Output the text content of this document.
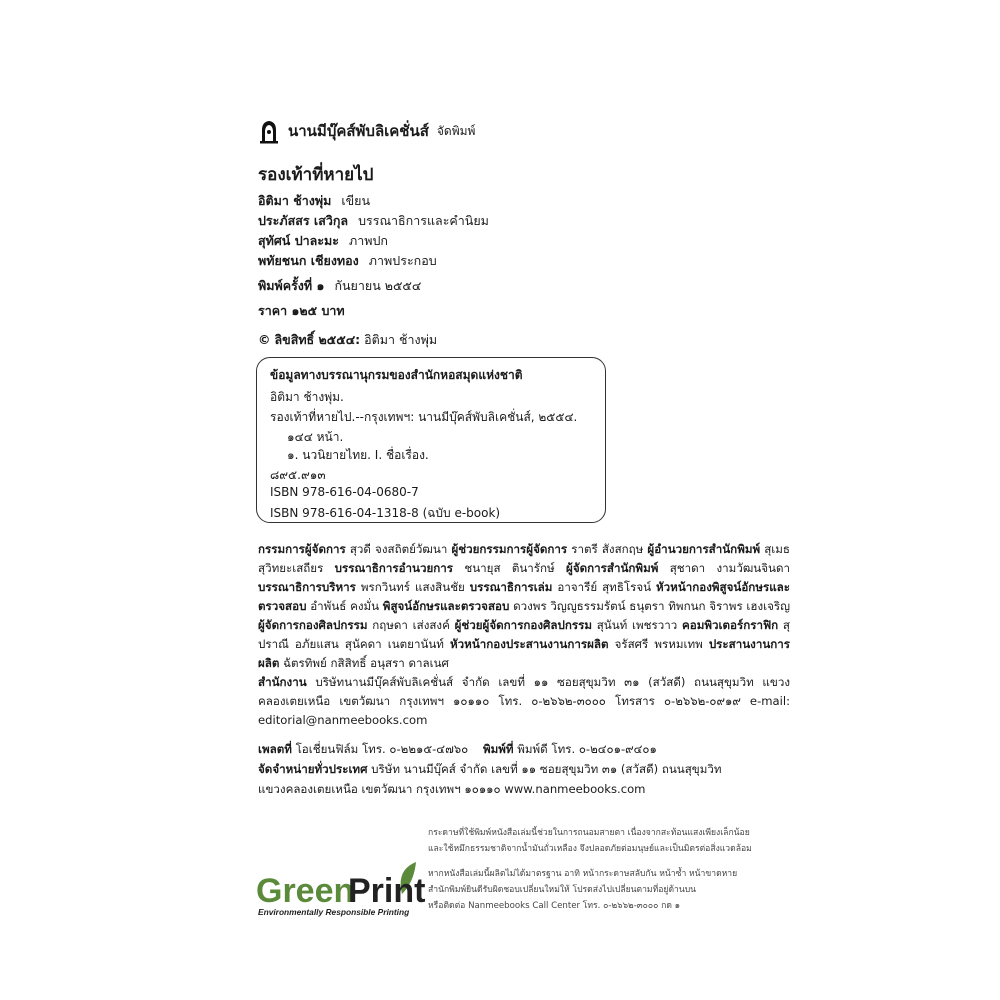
นานมีบุ๊คส์พับลิเคชั่นส์ จัดพิมพ์
รองเท้าที่หายไป
อิติมา ช้างพุ่ม เขียน
ประภัสสร เสวิกุล บรรณาธิการและคำนิยม
สุทัศน์ ปาละมะ ภาพปก
พทัยชนก เชียงทอง ภาพประกอบ
พิมพ์ครั้งที่ ๑ กันยายน ๒๕๕๔
ราคา ๑๒๕ บาท
© ลิขสิทธิ์ ๒๕๕๔: อิติมา ช้างพุ่ม
ข้อมูลทางบรรณานุกรมของสำนักหอสมุดแห่งชาติ
อิติมา ช้างพุ่ม.
รองเท้าที่หายไป.--กรุงเทพฯ: นานมีบุ๊คส์พับลิเคชั่นส์, ๒๕๕๔.
๑๔๔ หน้า.
๑. นวนิยายไทย. I. ชื่อเรื่อง.
๘๙๕.๙๑๓
ISBN 978-616-04-0680-7
ISBN 978-616-04-1318-8 (ฉบับ e-book)

กรรมการผู้จัดการ สุวดี จงสถิตย์วัฒนา ผู้ช่วยกรรมการผู้จัดการ ราตรี สังสกฤษ ผู้อำนวยการสำนักพิมพ์ สุเมธ สุวิทยะเสถียร บรรณาธิการอำนวยการ ชนายุส ตินารักษ์ ผู้จัดการสำนักพิมพ์ สุชาดา งามวัฒนจินดา บรรณาธิการบริหาร พรกวินทร์ แสงสินชัย บรรณาธิการเล่ม อาจารีย์ สุทธิโรจน์ หัวหน้ากองพิสูจน์อักษรและตรวจสอบ อำพันธ์ คงมั่น พิสูจน์อักษรและตรวจสอบ ดวงพร วิญญูธรรมรัตน์ ธนุตรา ทิพกนก จิราพร เฮงเจริญ ผู้จัดการกองศิลปกรรม กฤษดา เส่งสงค์ ผู้ช่วยผู้จัดการกองศิลปกรรม สุนันท์ เพชรวาว คอมพิวเตอร์กราฟิก สุปราณี อภัยแสน สุนัคดา เนตยานันท์ หัวหน้ากองประสานงานการผลิต จรัสศรี พรหมเทพ ประสานงานการผลิต ฉัตรทิพย์ กสิสิทธิ์ อนุสรา ดาลเนศ

สำนักงาน บริษัทนานมีบุ๊คส์พับลิเคชั่นส์ จำกัด เลขที่ ๑๑ ซอยสุขุมวิท ๓๑ (สวัสดี) ถนนสุขุมวิท แขวงคลองเตยเหนือ เขตวัฒนา กรุงเทพฯ ๑๐๑๑๐ โทร. ๐-๒๖๖๒-๓๐๐๐ โทรสาร ๐-๒๖๖๒-๐๙๑๙ e-mail: editorial@nanmeebooks.com

เพลตที่ โอเชี่ยนฟิล์ม โทร. ๐-๒๒๑๕-๔๗๖๐ พิมพ์ที่ พิมพ์ดี โทร. ๐-๒๔๐๑-๙๔๐๑
จัดจำหน่ายทั่วประเทศ บริษัท นานมีบุ๊คส์ จำกัด เลขที่ ๑๑ ซอยสุขุมวิท ๓๑ (สวัสดี) ถนนสุขุมวิท
แขวงคลองเตยเหนือ เขตวัฒนา กรุงเทพฯ ๑๐๑๑๐ www.nanmeebooks.com
กระดาษที่ใช้พิมพ์หนังสือเล่มนี้ช่วยในการถนอมสายตา เนื่องจากสะท้อนแสงเพียงเล็กน้อย
และใช้หมึกธรรมชาติจากน้ำมันถั่วเหลือง จึงปลอดภัยต่อมนุษย์และเป็นมิตรต่อสิ่งแวดล้อม
หากหนังสือเล่มนี้ผลิตไม่ได้มาตรฐาน อาทิ หน้ากระดาษสลับกัน หน้าซ้ำ หน้าขาดหาย
สำนักพิมพ์ยินดีรับผิดชอบเปลี่ยนใหม่ให้ โปรดส่งไปเปลี่ยนตามที่อยู่ด้านบน
หรือติดต่อ Nanmeebooks Call Center โทร. ๐-๒๖๖๒-๓๐๐๐ กด ๑
Green
Print
Environmentally Responsible Printing
